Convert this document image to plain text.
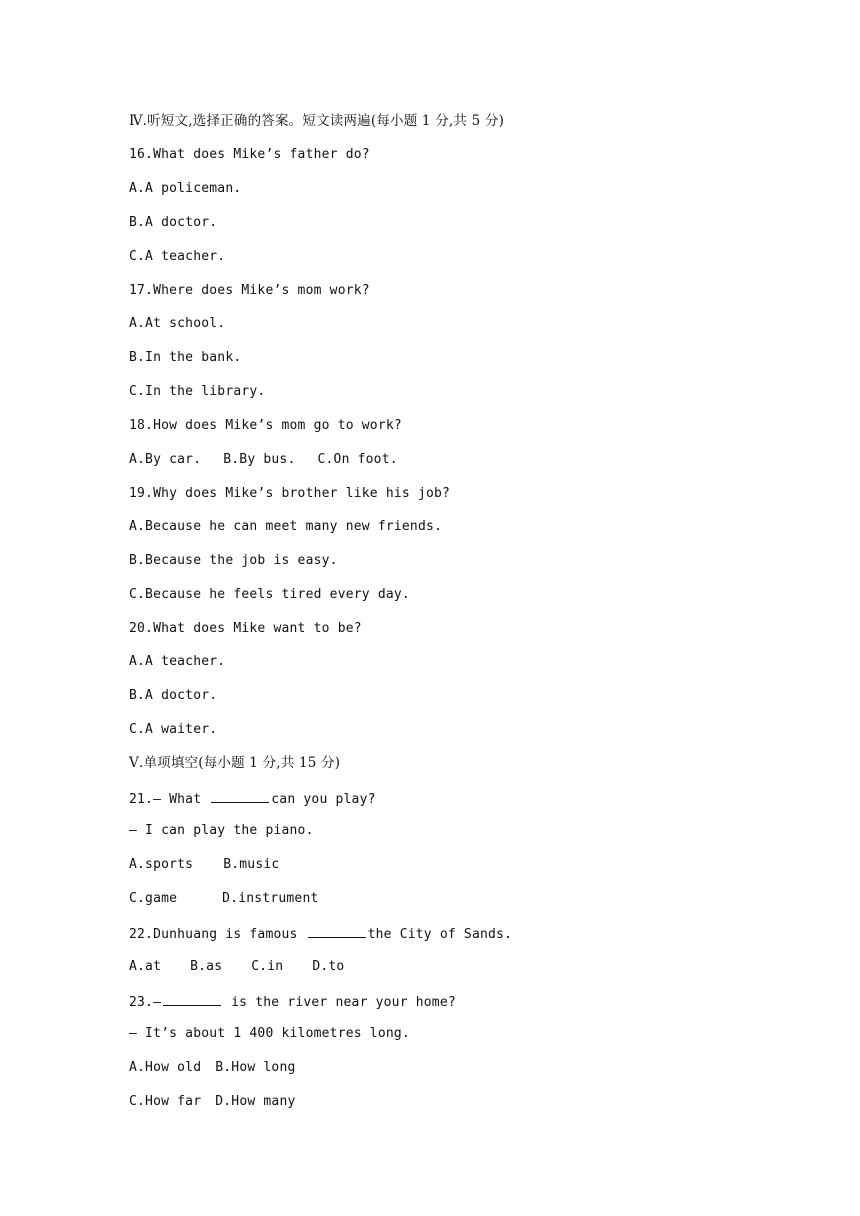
Ⅳ.听短文,选择正确的答案。短文读两遍(每小题 1 分,共 5 分)
16.What does Mike’s father do?
A.A policeman.
B.A doctor.
C.A teacher.
17.Where does Mike’s mom work?
A.At school.
B.In the bank.
C.In the library.
18.How does Mike’s mom go to work?
A.By car. B.By bus. C.On foot.
19.Why does Mike’s brother like his job?
A.Because he can meet many new friends.
B.Because the job is easy.
C.Because he feels tired every day.
20.What does Mike want to be?
A.A teacher.
B.A doctor.
C.A waiter.
Ⅴ.单项填空(每小题 1 分,共 15 分)
21.— What	can you play?
— I can play the piano.
A.sports B.music
C.game	D.instrument
22.Dunhuang is famous	the City of Sands.
A.at B.as C.in D.to
23.—	is the river near your home?
— It’s about 1 400 kilometres long.
A.How old B.How long
C.How far D.How many
